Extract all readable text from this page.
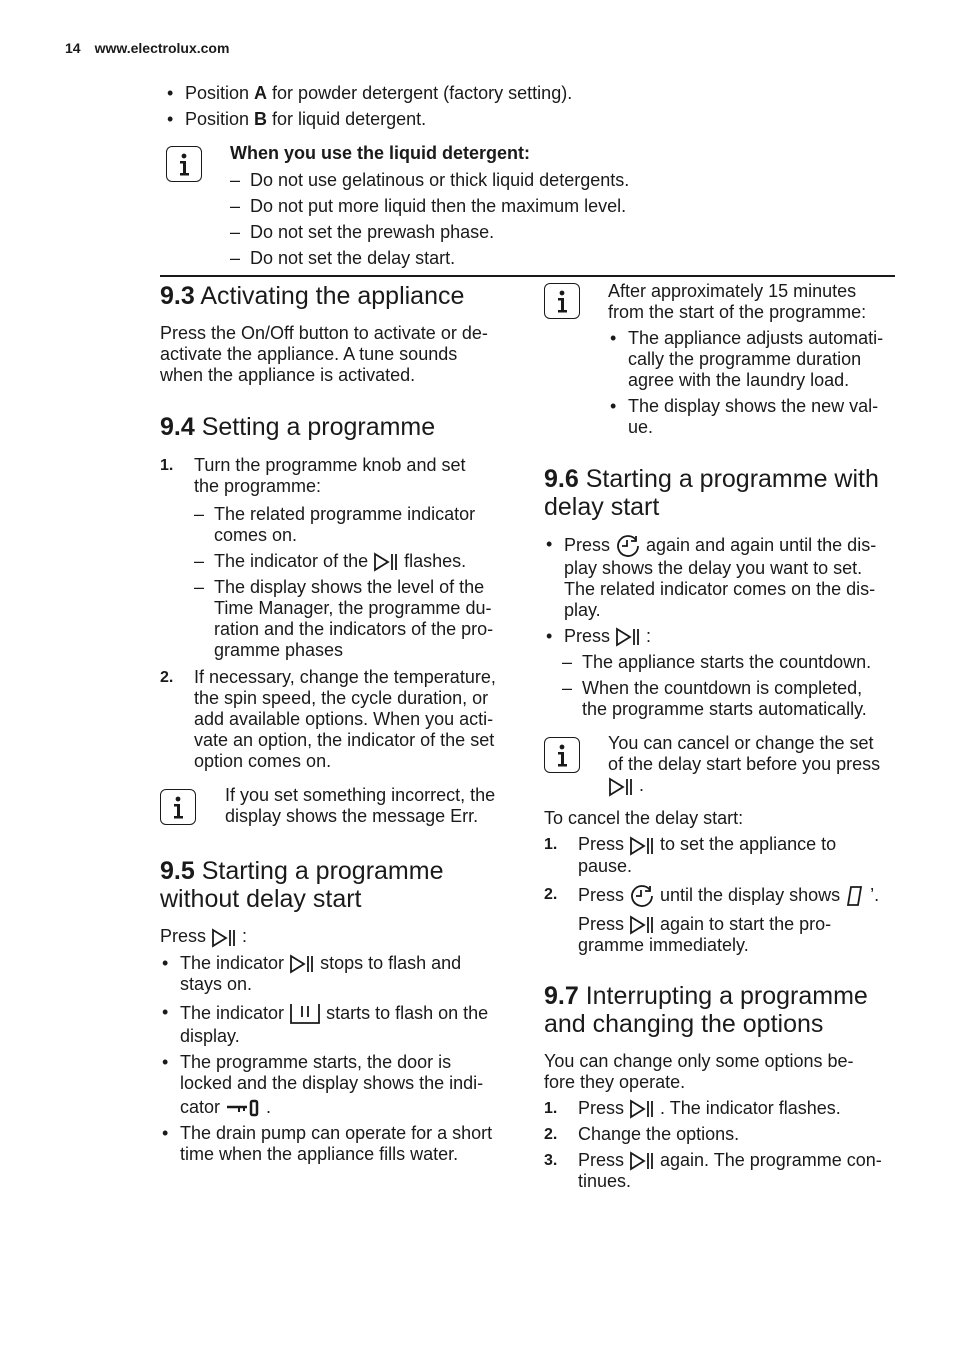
14 www.electrolux.com
• Position A for powder detergent (factory setting).
• Position B for liquid detergent.
When you use the liquid detergent:
– Do not use gelatinous or thick liquid detergents.
– Do not put more liquid then the maximum level.
– Do not set the prewash phase.
– Do not set the delay start.
9.3 Activating the appliance
Press the On/Off button to activate or de-
activate the appliance. A tune sounds
when the appliance is activated.
9.4 Setting a programme
1. Turn the programme knob and set
the programme:
– The related programme indicator
comes on.
– The indicator of the  flashes.
– The display shows the level of the
Time Manager, the programme du-
ration and the indicators of the pro-
gramme phases
2. If necessary, change the temperature,
the spin speed, the cycle duration, or
add available options. When you acti-
vate an option, the indicator of the set
option comes on.
If you set something incorrect, the
display shows the message Err.
9.5 Starting a programme
without delay start
Press  :
• The indicator  stops to flash and
stays on.
• The indicator  starts to flash on the
display.
• The programme starts, the door is
locked and the display shows the indi-
cator  .
• The drain pump can operate for a short
time when the appliance fills water.
After approximately 15 minutes
from the start of the programme:
• The appliance adjusts automati-
cally the programme duration
agree with the laundry load.
• The display shows the new val-
ue.
9.6 Starting a programme with
delay start
• Press  again and again until the dis-
play shows the delay you want to set.
The related indicator comes on the dis-
play.
• Press  :
– The appliance starts the countdown.
– When the countdown is completed,
the programme starts automatically.
You can cancel or change the set
of the delay start before you press
.
To cancel the delay start:
1. Press  to set the appliance to
pause.
2. Press  until the display shows  ’.
Press  again to start the pro-
gramme immediately.
9.7 Interrupting a programme
and changing the options
You can change only some options be-
fore they operate.
1. Press  . The indicator flashes.
2. Change the options.
3. Press  again. The programme con-
tinues.
